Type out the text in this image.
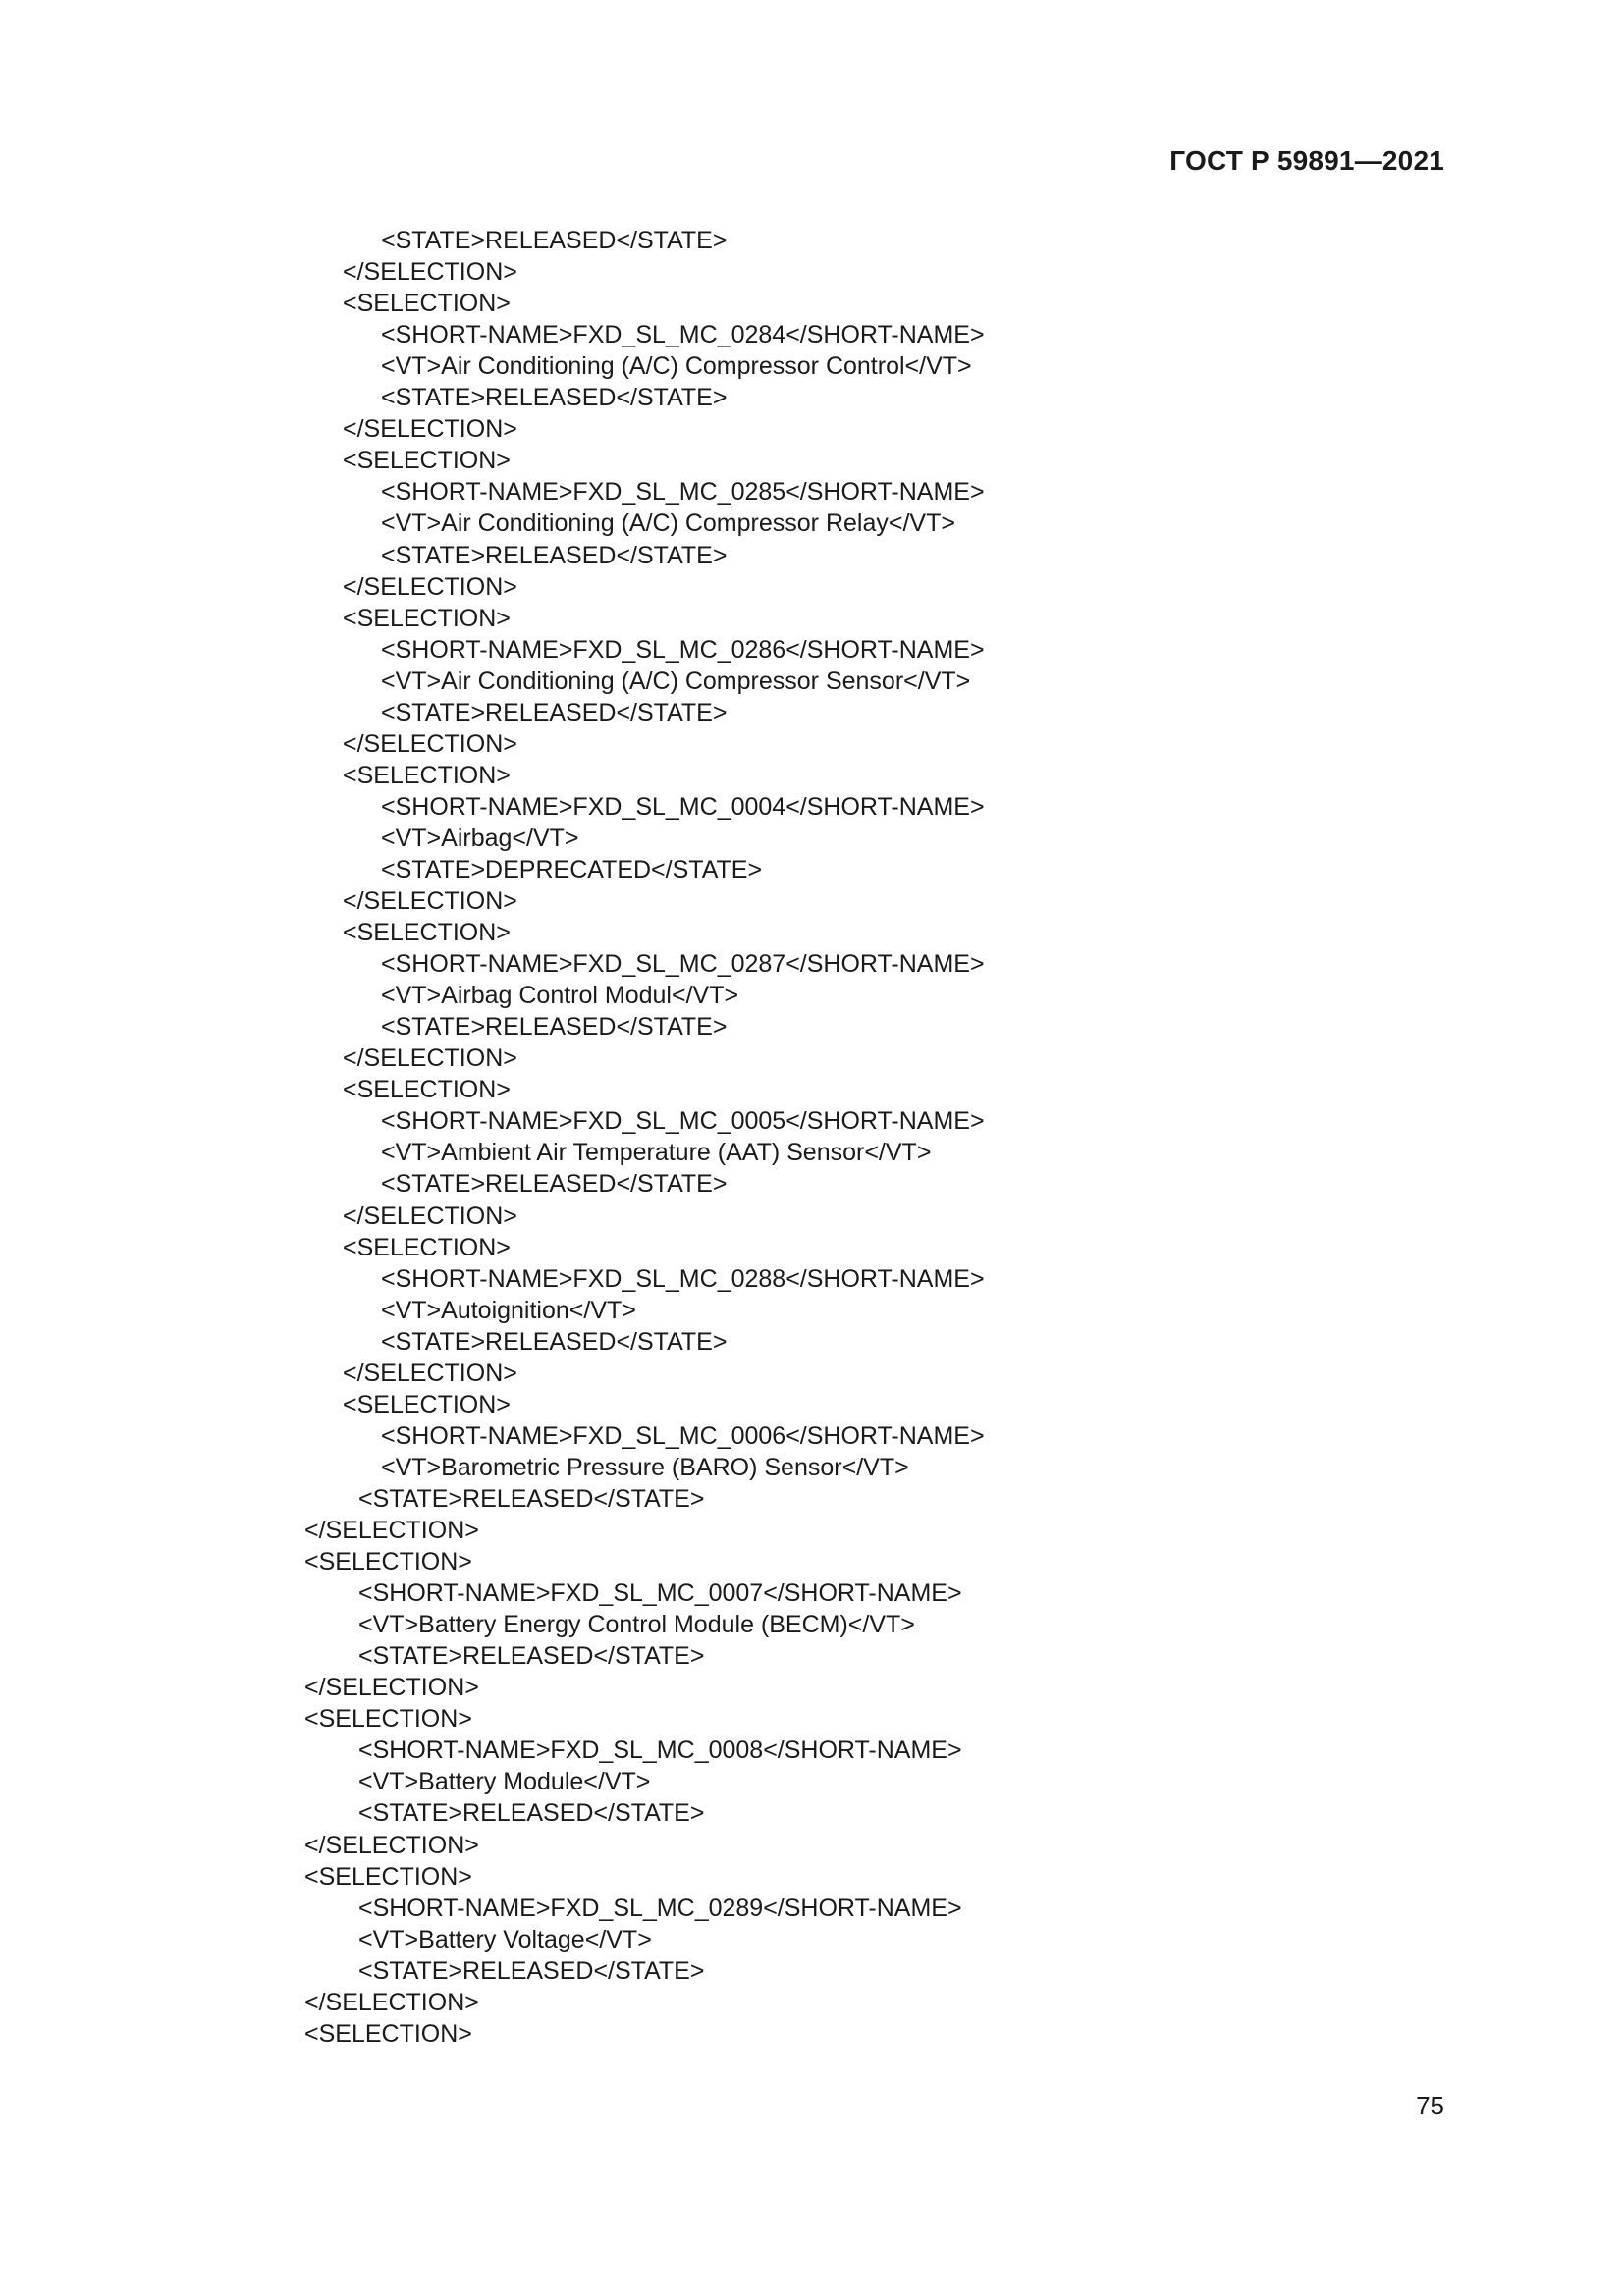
ГОСТ Р 59891—2021
<STATE>RELEASED</STATE>
</SELECTION>
<SELECTION>
<SHORT-NAME>FXD_SL_MC_0284</SHORT-NAME>
<VT>Air Conditioning (A/C) Compressor Control</VT>
<STATE>RELEASED</STATE>
</SELECTION>
<SELECTION>
<SHORT-NAME>FXD_SL_MC_0285</SHORT-NAME>
<VT>Air Conditioning (A/C) Compressor Relay</VT>
<STATE>RELEASED</STATE>
</SELECTION>
<SELECTION>
<SHORT-NAME>FXD_SL_MC_0286</SHORT-NAME>
<VT>Air Conditioning (A/C) Compressor Sensor</VT>
<STATE>RELEASED</STATE>
</SELECTION>
<SELECTION>
<SHORT-NAME>FXD_SL_MC_0004</SHORT-NAME>
<VT>Airbag</VT>
<STATE>DEPRECATED</STATE>
</SELECTION>
<SELECTION>
<SHORT-NAME>FXD_SL_MC_0287</SHORT-NAME>
<VT>Airbag Control Modul</VT>
<STATE>RELEASED</STATE>
</SELECTION>
<SELECTION>
<SHORT-NAME>FXD_SL_MC_0005</SHORT-NAME>
<VT>Ambient Air Temperature (AAT) Sensor</VT>
<STATE>RELEASED</STATE>
</SELECTION>
<SELECTION>
<SHORT-NAME>FXD_SL_MC_0288</SHORT-NAME>
<VT>Autoignition</VT>
<STATE>RELEASED</STATE>
</SELECTION>
<SELECTION>
<SHORT-NAME>FXD_SL_MC_0006</SHORT-NAME>
<VT>Barometric Pressure (BARO) Sensor</VT>
<STATE>RELEASED</STATE>
</SELECTION>
<SELECTION>
<SHORT-NAME>FXD_SL_MC_0007</SHORT-NAME>
<VT>Battery Energy Control Module (BECM)</VT>
<STATE>RELEASED</STATE>
</SELECTION>
<SELECTION>
<SHORT-NAME>FXD_SL_MC_0008</SHORT-NAME>
<VT>Battery Module</VT>
<STATE>RELEASED</STATE>
</SELECTION>
<SELECTION>
<SHORT-NAME>FXD_SL_MC_0289</SHORT-NAME>
<VT>Battery Voltage</VT>
<STATE>RELEASED</STATE>
</SELECTION>
<SELECTION>
75
